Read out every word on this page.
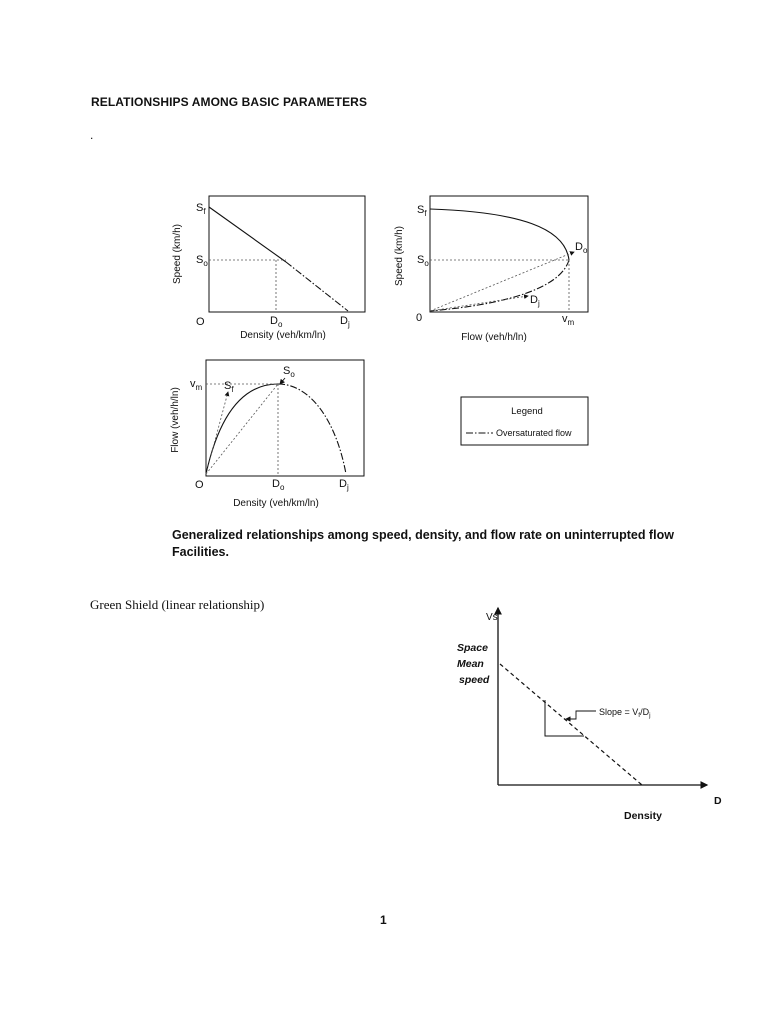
RELATIONSHIPS AMONG BASIC PARAMETERS
.
Speed (km/h)
Density (veh/km/ln)
O
$S_f$
$S_o$
$D_o$	$D_j$
Speed (km/h)
Flow (veh/h/ln)
0
$S_f$
$S_o$
$v_m$
$D_o$
$D_j$
Flow (veh/h/ln)
Density (veh/km/ln)
O
$v_m$ $S_f$
$S_o$
$D_o$	$D_j$
Legend
Oversaturated flow
Vs
Space
Mean
speed
D
Density
Slope = $V_f/D_j$
Generalized relationships among speed, density, and flow rate on uninterrupted flow Facilities.
Green Shield (linear relationship)
1
